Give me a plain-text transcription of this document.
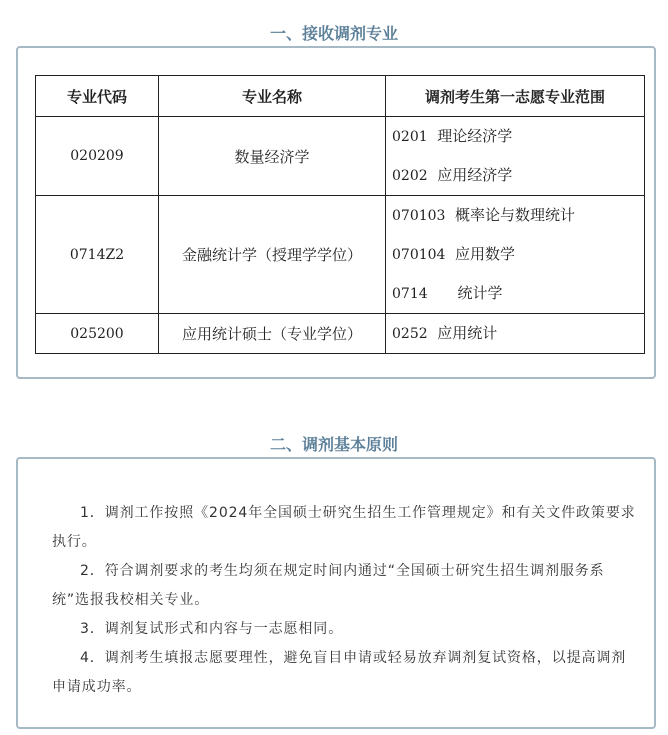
一、接收调剂专业
专业代码	专业名称	调剂考生第一志愿专业范围
020209	数量经济学	0201 理论经济学
0202 应用经济学

0714Z2	金融统计学（授理学学位）	070103 概率论与数理统计
070104 应用数学
0714 统计学

025200	应用统计硕士（专业学位）	0252 应用统计
二、调剂基本原则

1．调剂工作按照《2024年全国硕士研究生招生工作管理规定》和有关文件政策要求执行。

2．符合调剂要求的考生均须在规定时间内通过“全国硕士研究生招生调剂服务系统”选报我校相关专业。

3．调剂复试形式和内容与一志愿相同。

4．调剂考生填报志愿要理性，避免盲目申请或轻易放弃调剂复试资格，以提高调剂申请成功率。
